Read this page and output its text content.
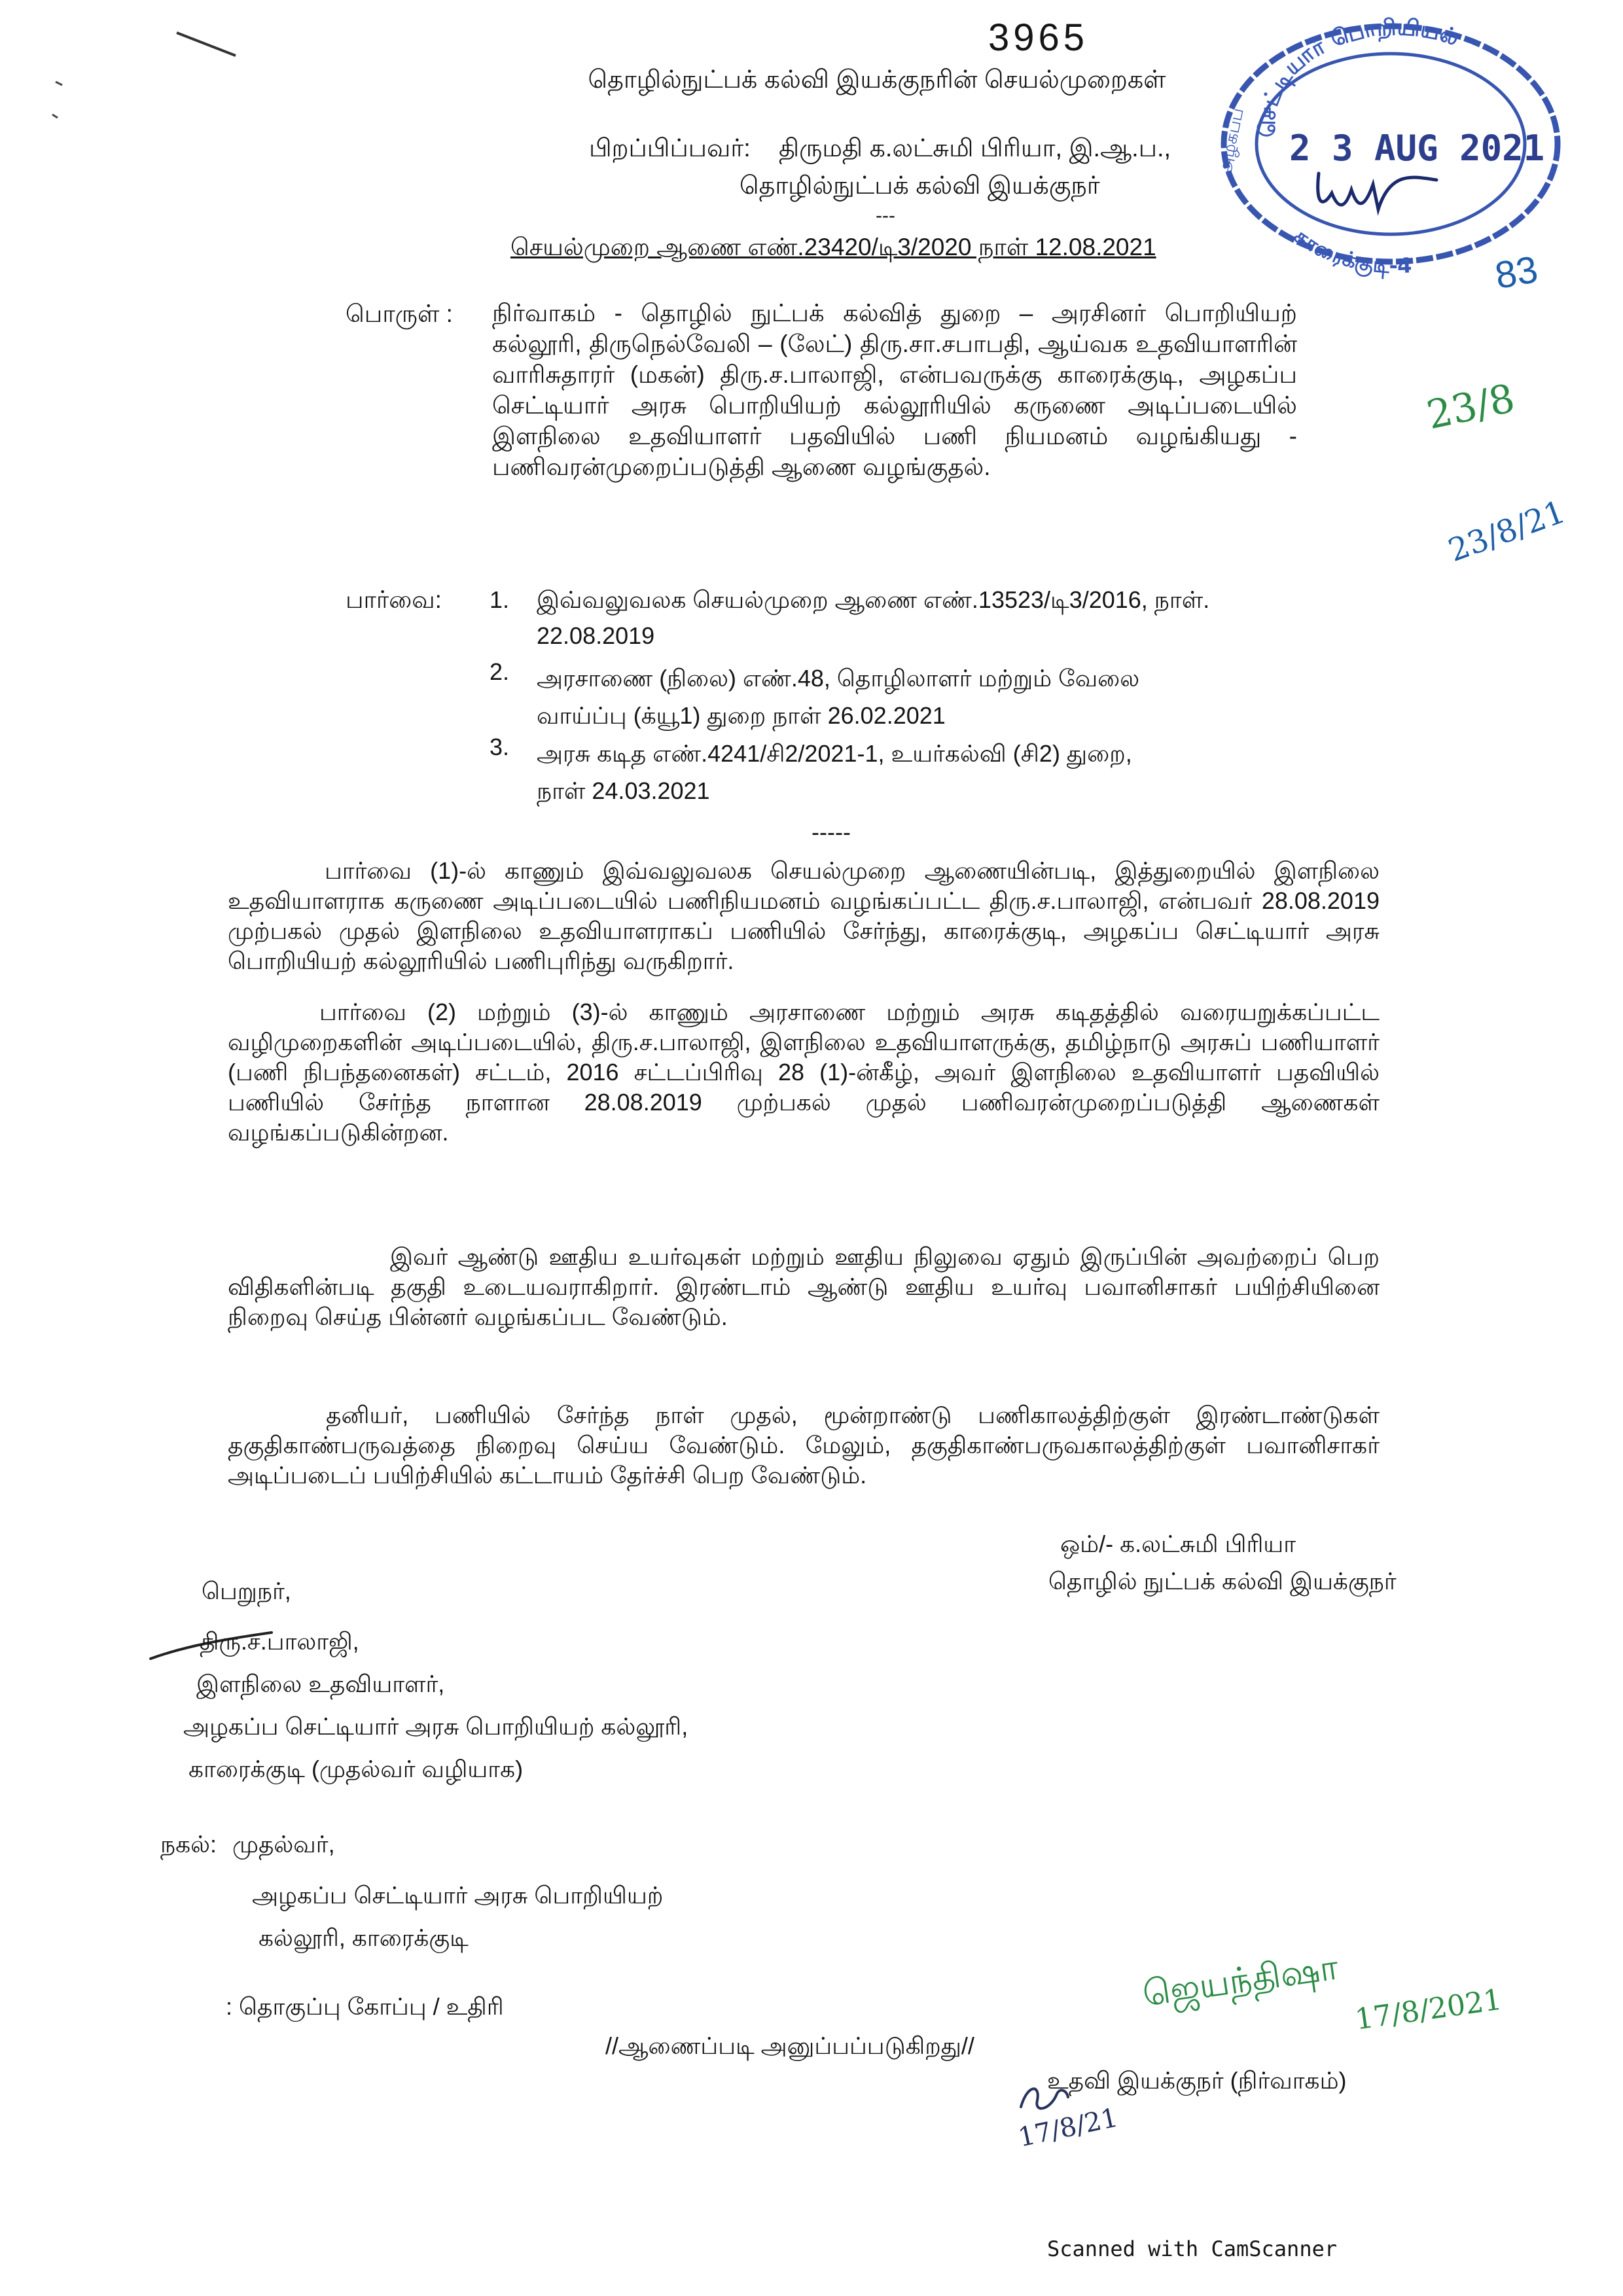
3965
தொழில்நுட்பக் கல்வி இயக்குநரின் செயல்முறைகள்
பிறப்பிப்பவர்: திருமதி க.லட்சுமி பிரியா, இ.ஆ.ப.,
தொழில்நுட்பக் கல்வி இயக்குநர்
---
செயல்முறை ஆணை எண்.23420/டி3/2020 நாள் 12.08.2021
செட்டியார் பொறியியல்
காரைக்குடி-4
அழகப்ப 2 3 AUG 2021
83
23/8
23/8/21
பொருள் : நிர்வாகம் - தொழில் நுட்பக் கல்வித் துறை – அரசினர் பொறியியற் கல்லூரி, திருநெல்வேலி – (லேட்) திரு.சா.சபாபதி, ஆய்வக உதவியாளரின் வாரிசுதாரர் (மகன்) திரு.ச.பாலாஜி, என்பவருக்கு காரைக்குடி, அழகப்ப செட்டியார் அரசு பொறியியற் கல்லூரியில் கருணை அடிப்படையில் இளநிலை உதவியாளர் பதவியில் பணி நியமனம் வழங்கியது - பணிவரன்முறைப்படுத்தி ஆணை வழங்குதல்.
பார்வை: 1. இவ்வலுவலக செயல்முறை ஆணை எண்.13523/டி3/2016, நாள்.
22.08.2019
2. அரசாணை (நிலை) எண்.48, தொழிலாளர் மற்றும் வேலை
வாய்ப்பு (க்யூ1) துறை நாள் 26.02.2021
3. அரசு கடித எண்.4241/சி2/2021-1, உயர்கல்வி (சி2) துறை,
நாள் 24.03.2021
-----
பார்வை (1)-ல் காணும் இவ்வலுவலக செயல்முறை ஆணையின்படி, இத்துறையில் இளநிலை உதவியாளராக கருணை அடிப்படையில் பணிநியமனம் வழங்கப்பட்ட திரு.ச.பாலாஜி, என்பவர் 28.08.2019 முற்பகல் முதல் இளநிலை உதவியாளராகப் பணியில் சேர்ந்து, காரைக்குடி, அழகப்ப செட்டியார் அரசு பொறியியற் கல்லூரியில் பணிபுரிந்து வருகிறார்.
பார்வை (2) மற்றும் (3)-ல் காணும் அரசாணை மற்றும் அரசு கடிதத்தில் வரையறுக்கப்பட்ட வழிமுறைகளின் அடிப்படையில், திரு.ச.பாலாஜி, இளநிலை உதவியாளருக்கு, தமிழ்நாடு அரசுப் பணியாளர் (பணி நிபந்தனைகள்) சட்டம், 2016 சட்டப்பிரிவு 28 (1)-ன்கீழ், அவர் இளநிலை உதவியாளர் பதவியில் பணியில் சேர்ந்த நாளான 28.08.2019 முற்பகல் முதல் பணிவரன்முறைப்படுத்தி ஆணைகள் வழங்கப்படுகின்றன.
இவர் ஆண்டு ஊதிய உயர்வுகள் மற்றும் ஊதிய நிலுவை ஏதும் இருப்பின் அவற்றைப் பெற விதிகளின்படி தகுதி உடையவராகிறார். இரண்டாம் ஆண்டு ஊதிய உயர்வு பவானிசாகர் பயிற்சியினை நிறைவு செய்த பின்னர் வழங்கப்பட வேண்டும்.
தனியர், பணியில் சேர்ந்த நாள் முதல், மூன்றாண்டு பணிகாலத்திற்குள் இரண்டாண்டுகள் தகுதிகாண்பருவத்தை நிறைவு செய்ய வேண்டும். மேலும், தகுதிகாண்பருவகாலத்திற்குள் பவானிசாகர் அடிப்படைப் பயிற்சியில் கட்டாயம் தேர்ச்சி பெற வேண்டும்.
ஒம்/- க.லட்சுமி பிரியா
தொழில் நுட்பக் கல்வி இயக்குநர்
பெறுநர்,
திரு.ச.பாலாஜி,
இளநிலை உதவியாளர்,
அழகப்ப செட்டியார் அரசு பொறியியற் கல்லூரி,
காரைக்குடி (முதல்வர் வழியாக)
நகல்: முதல்வர்,
அழகப்ப செட்டியார் அரசு பொறியியற்
கல்லூரி, காரைக்குடி
: தொகுப்பு கோப்பு / உதிரி
//ஆணைப்படி அனுப்பப்படுகிறது//
ஜெயந்திஷா 17/8/2021
உதவி இயக்குநர் (நிர்வாகம்)
17/8/21
Scanned with CamScanner
